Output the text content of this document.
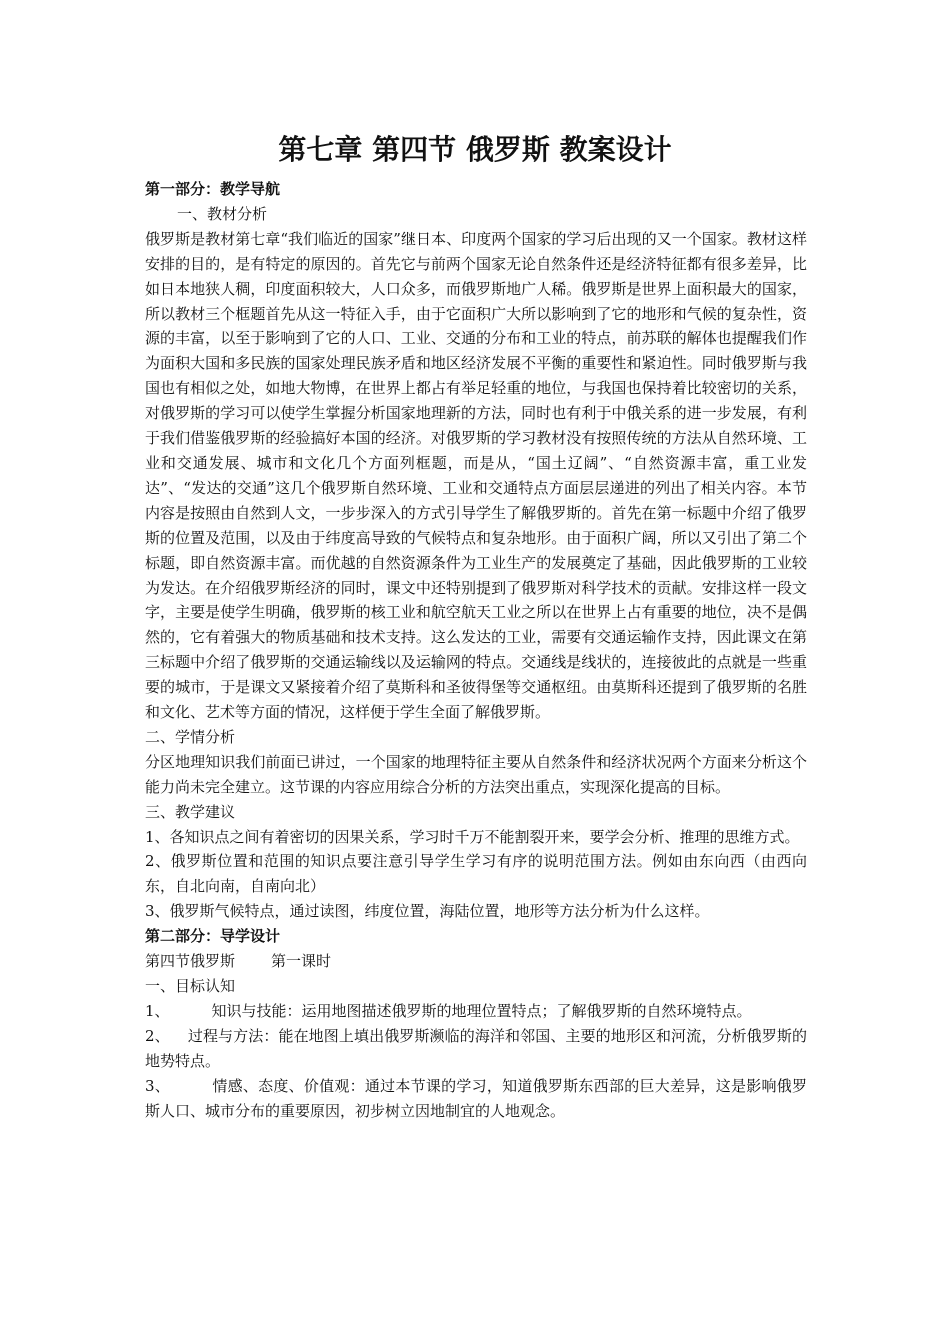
第七章 第四节 俄罗斯 教案设计

第一部分：教学导航

一、教材分析

俄罗斯是教材第七章“我们临近的国家”继日本、印度两个国家的学习后出现的又一个国家。教材这样安排的目的，是有特定的原因的。首先它与前两个国家无论自然条件还是经济特征都有很多差异，比如日本地狭人稠，印度面积较大，人口众多，而俄罗斯地广人稀。俄罗斯是世界上面积最大的国家，所以教材三个框题首先从这一特征入手，由于它面积广大所以影响到了它的地形和气候的复杂性，资源的丰富，以至于影响到了它的人口、工业、交通的分布和工业的特点，前苏联的解体也提醒我们作为面积大国和多民族的国家处理民族矛盾和地区经济发展不平衡的重要性和紧迫性。同时俄罗斯与我国也有相似之处，如地大物博，在世界上都占有举足轻重的地位，与我国也保持着比较密切的关系，对俄罗斯的学习可以使学生掌握分析国家地理新的方法，同时也有利于中俄关系的进一步发展，有利于我们借鉴俄罗斯的经验搞好本国的经济。对俄罗斯的学习教材没有按照传统的方法从自然环境、工业和交通发展、城市和文化几个方面列框题，而是从，“国土辽阔”、“自然资源丰富，重工业发达”、“发达的交通”这几个俄罗斯自然环境、工业和交通特点方面层层递进的列出了相关内容。本节内容是按照由自然到人文，一步步深入的方式引导学生了解俄罗斯的。首先在第一标题中介绍了俄罗斯的位置及范围，以及由于纬度高导致的气候特点和复杂地形。由于面积广阔，所以又引出了第二个标题，即自然资源丰富。而优越的自然资源条件为工业生产的发展奠定了基础，因此俄罗斯的工业较为发达。在介绍俄罗斯经济的同时，课文中还特别提到了俄罗斯对科学技术的贡献。安排这样一段文字，主要是使学生明确，俄罗斯的核工业和航空航天工业之所以在世界上占有重要的地位，决不是偶然的，它有着强大的物质基础和技术支持。这么发达的工业，需要有交通运输作支持，因此课文在第三标题中介绍了俄罗斯的交通运输线以及运输网的特点。交通线是线状的，连接彼此的点就是一些重要的城市，于是课文又紧接着介绍了莫斯科和圣彼得堡等交通枢纽。由莫斯科还提到了俄罗斯的名胜和文化、艺术等方面的情况，这样便于学生全面了解俄罗斯。

二、学情分析

分区地理知识我们前面已讲过，一个国家的地理特征主要从自然条件和经济状况两个方面来分析这个能力尚未完全建立。这节课的内容应用综合分析的方法突出重点，实现深化提高的目标。

三、教学建议

1、各知识点之间有着密切的因果关系，学习时千万不能割裂开来，要学会分析、推理的思维方式。

2、俄罗斯位置和范围的知识点要注意引导学生学习有序的说明范围方法。例如由东向西（由西向东，自北向南，自南向北）

3、俄罗斯气候特点，通过读图，纬度位置，海陆位置，地形等方法分析为什么这样。

第二部分：导学设计

第四节俄罗斯 第一课时

一、目标认知

1、	知识与技能：运用地图描述俄罗斯的地理位置特点；了解俄罗斯的自然环境特点。

2、 过程与方法：能在地图上填出俄罗斯濒临的海洋和邻国、主要的地形区和河流，分析俄罗斯的地势特点。

3、	情感、态度、价值观：通过本节课的学习，知道俄罗斯东西部的巨大差异，这是影响俄罗斯人口、城市分布的重要原因，初步树立因地制宜的人地观念。
